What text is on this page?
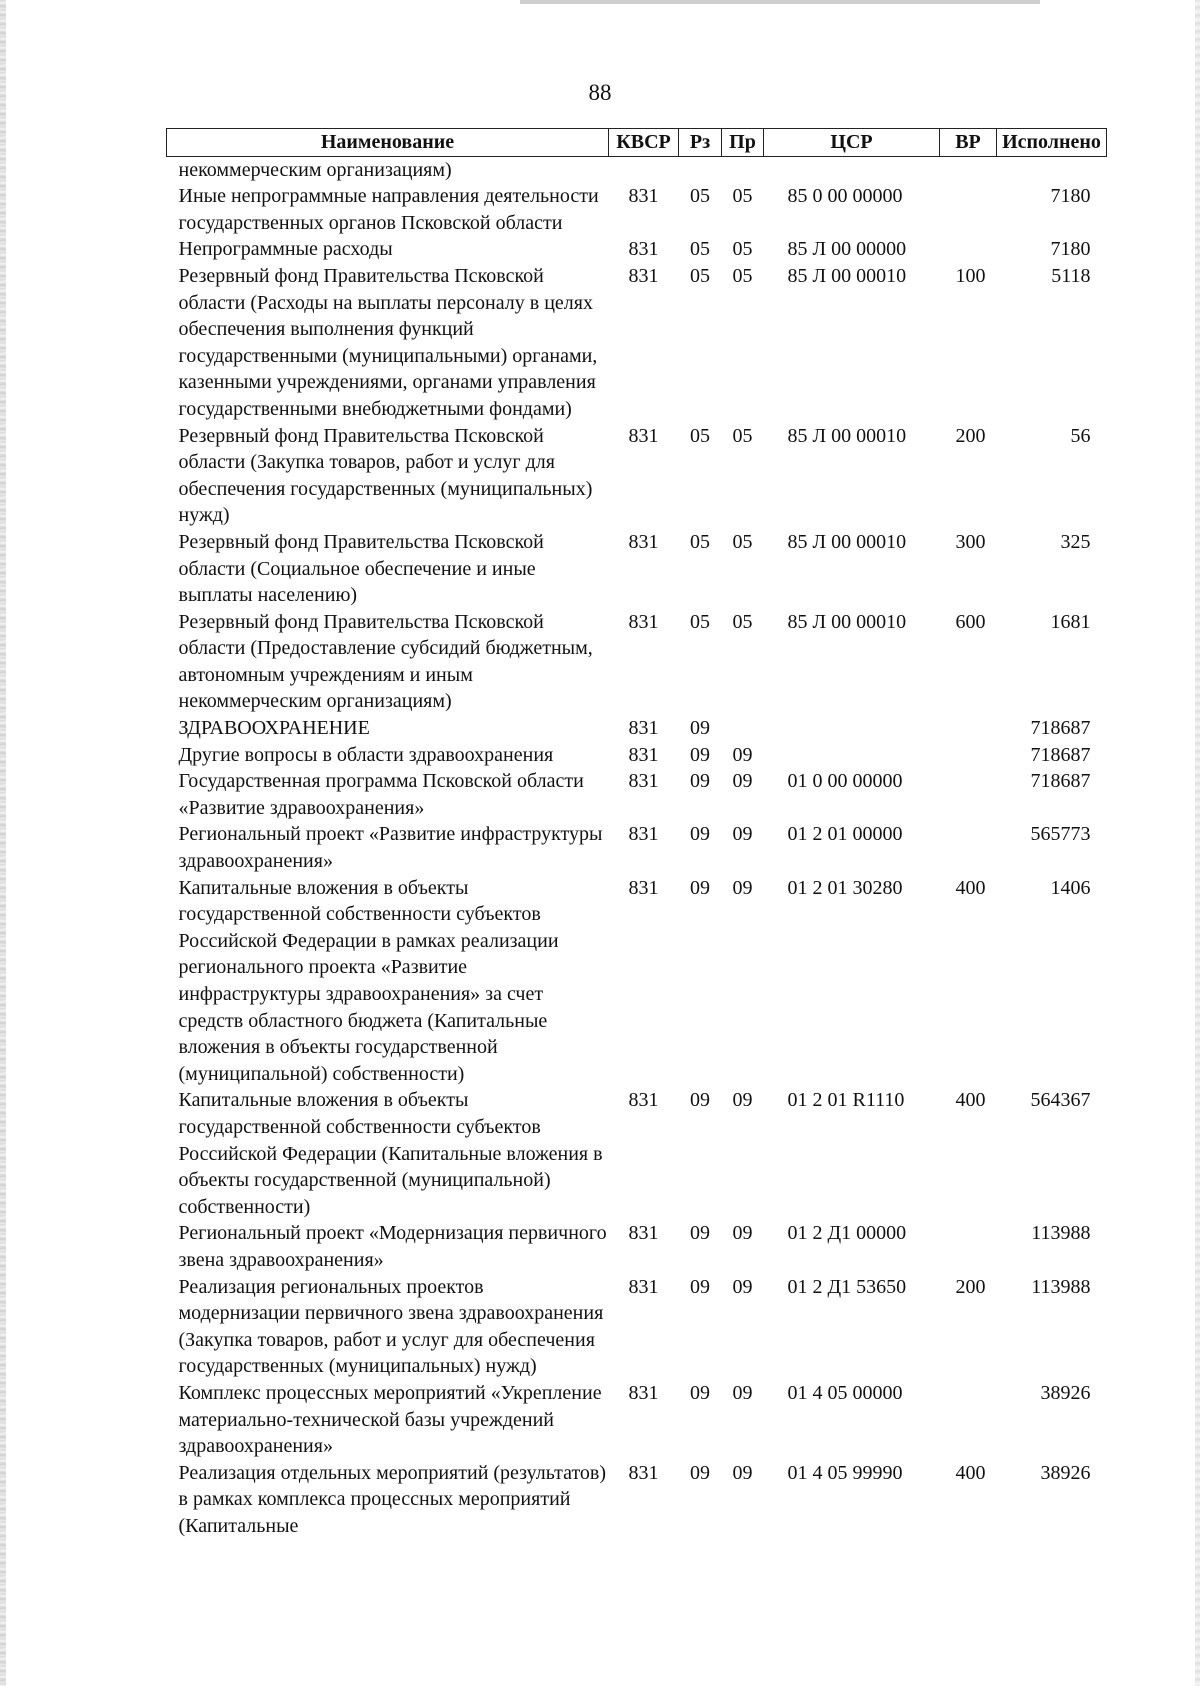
88
Наименование	КВСР	Рз	Пр	ЦСР	ВР	Исполнено
некоммерческим организациям)						
Иные непрограммные направления деятельности государственных органов Псковской области	831	05	05	85 0 00 00000		7180
Непрограммные расходы	831	05	05	85 Л 00 00000		7180
Резервный фонд Правительства Псковской области (Расходы на выплаты персоналу в целях обеспечения выполнения функций государственными (муниципальными) органами, казенными учреждениями, органами управления государственными внебюджетными фондами)	831	05	05	85 Л 00 00010	100	5118
Резервный фонд Правительства Псковской области (Закупка товаров, работ и услуг для обеспечения государственных (муниципальных) нужд)	831	05	05	85 Л 00 00010	200	56
Резервный фонд Правительства Псковской области (Социальное обеспечение и иные выплаты населению)	831	05	05	85 Л 00 00010	300	325
Резервный фонд Правительства Псковской области (Предоставление субсидий бюджетным, автономным учреждениям и иным некоммерческим организациям)	831	05	05	85 Л 00 00010	600	1681
ЗДРАВООХРАНЕНИЕ	831	09				718687
Другие вопросы в области здравоохранения	831	09	09			718687
Государственная программа Псковской области «Развитие здравоохранения»	831	09	09	01 0 00 00000		718687
Региональный проект «Развитие инфраструктуры здравоохранения»	831	09	09	01 2 01 00000		565773
Капитальные вложения в объекты государственной собственности субъектов Российской Федерации в рамках реализации регионального проекта «Развитие инфраструктуры здравоохранения» за счет средств областного бюджета (Капитальные вложения в объекты государственной (муниципальной) собственности)	831	09	09	01 2 01 30280	400	1406
Капитальные вложения в объекты государственной собственности субъектов Российской Федерации (Капитальные вложения в объекты государственной (муниципальной) собственности)	831	09	09	01 2 01 R1110	400	564367
Региональный проект «Модернизация первичного звена здравоохранения»	831	09	09	01 2 Д1 00000		113988
Реализация региональных проектов модернизации первичного звена здравоохранения (Закупка товаров, работ и услуг для обеспечения государственных (муниципальных) нужд)	831	09	09	01 2 Д1 53650	200	113988
Комплекс процессных мероприятий «Укрепление материально-технической базы учреждений здравоохранения»	831	09	09	01 4 05 00000		38926
Реализация отдельных мероприятий (результатов) в рамках комплекса процессных мероприятий (Капитальные	831	09	09	01 4 05 99990	400	38926
